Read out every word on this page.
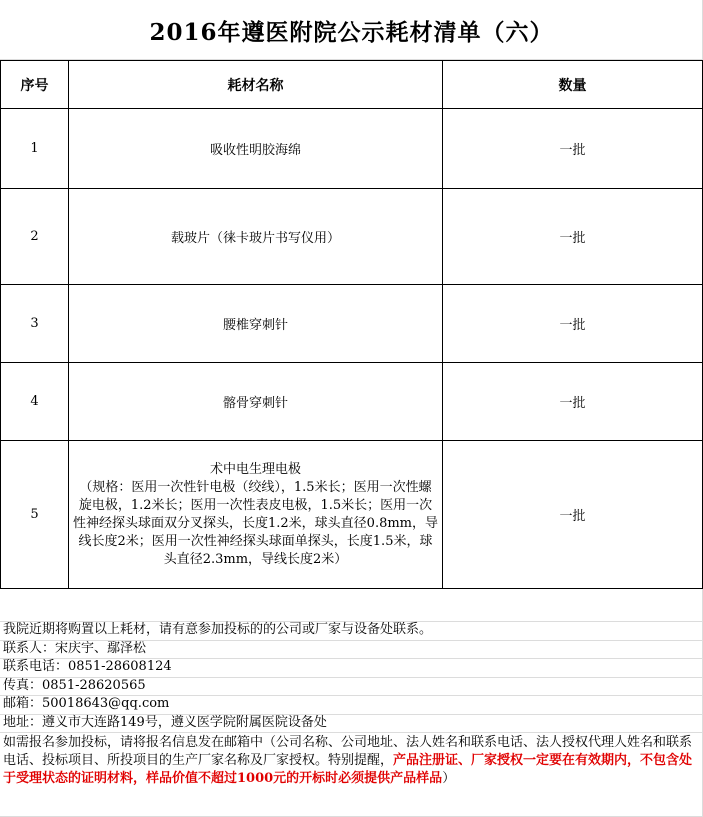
2016年遵医附院公示耗材清单（六）
序号	耗材名称	数量
1	吸收性明胶海绵	一批
2	载玻片（徕卡玻片书写仪用）	一批
3	腰椎穿刺针	一批
4	髂骨穿刺针	一批
5	术中电生理电极
（规格：医用一次性针电极（绞线），1.5米长；医用一次性螺旋电极，1.2米长；医用一次性表皮电极，1.5米长；医用一次性神经探头球面双分叉探头，长度1.2米，球头直径0.8mm，导线长度2米；医用一次性神经探头球面单探头，长度1.5米，球头直径2.3mm，导线长度2米）	一批
我院近期将购置以上耗材，请有意参加投标的的公司或厂家与设备处联系。
联系人：宋庆宇、鄢泽松
联系电话：0851-28608124
传真：0851-28620565
邮箱：50018643@qq.com
地址：遵义市大连路149号，遵义医学院附属医院设备处
如需报名参加投标，请将报名信息发在邮箱中（公司名称、公司地址、法人姓名和联系电话、法人授权代理人姓名和联系电话、投标项目、所投项目的生产厂家名称及厂家授权。特别提醒，产品注册证、厂家授权一定要在有效期内，不包含处于受理状态的证明材料，样品价值不超过1000元的开标时必须提供产品样品）
